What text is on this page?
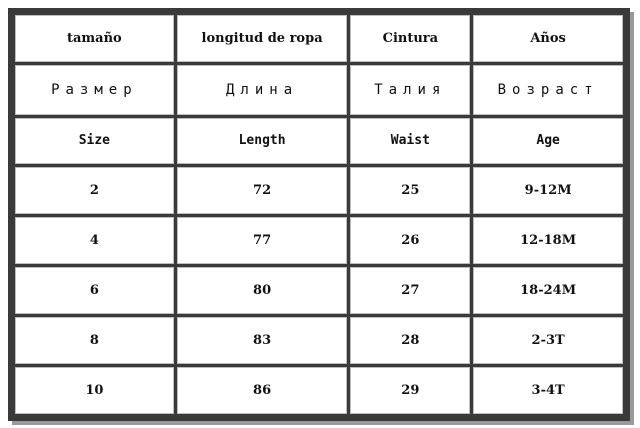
tamaño	longitud de ropa	Cintura	Años
Размер	Длина	Талия	Возраст
Size	Length	Waist	Age
2	72	25	9-12M
4	77	26	12-18M
6	80	27	18-24M
8	83	28	2-3T
10	86	29	3-4T
